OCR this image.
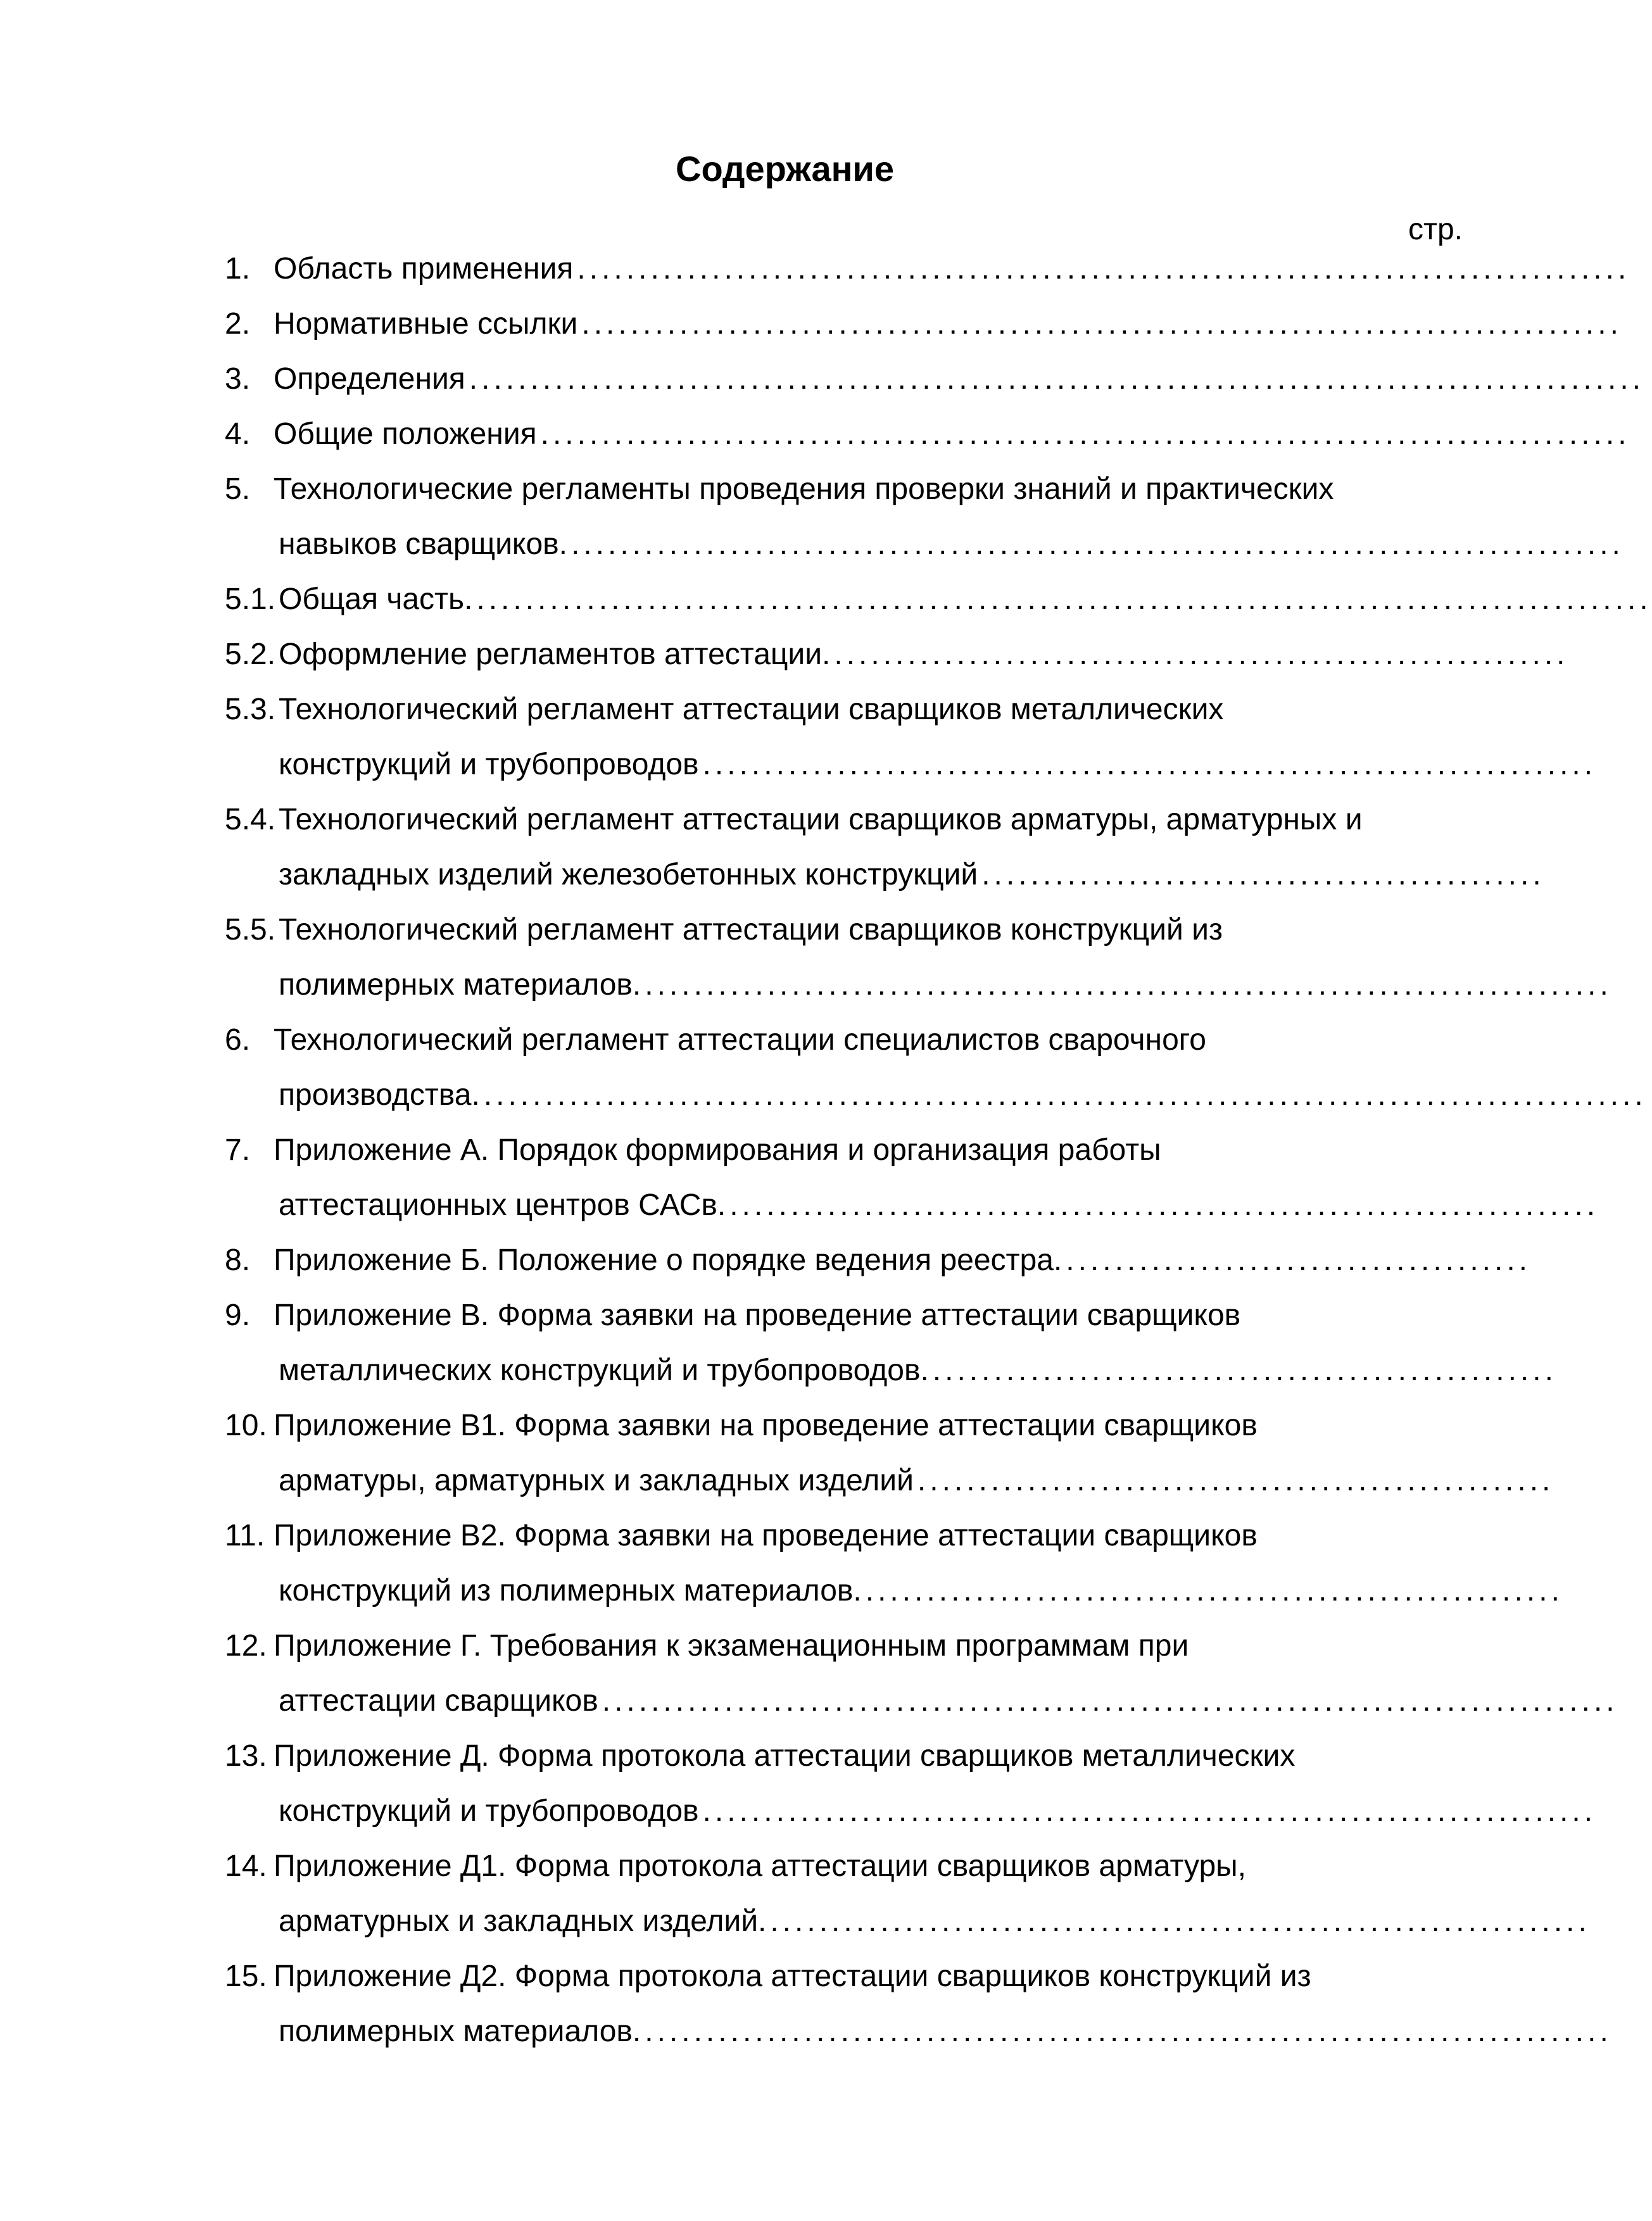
Содержание
стр.
1. Область применения ......................................................................................
2. Нормативные ссылки .....................................................................................
3. Определения ................................................................................................
4. Общие положения .........................................................................................
5. Технологические регламенты проведения проверки знаний и практических
навыков сварщиков. ......................................................................................
5.1. Общая часть. ................................................................................................
5.2. Оформление регламентов аттестации. ............................................................
5.3. Технологический регламент аттестации сварщиков металлических
конструкций и трубопроводов .........................................................................
5.4. Технологический регламент аттестации сварщиков арматуры, арматурных и
закладных изделий железобетонных конструкций ..............................................
5.5. Технологический регламент аттестации сварщиков конструкций из
полимерных материалов. ...............................................................................
6. Технологический регламент аттестации специалистов сварочного
производства. ...............................................................................................
7. Приложение А. Порядок формирования и организация работы
аттестационных центров САСв. .......................................................................
8. Приложение Б. Положение о порядке ведения реестра. ......................................
9. Приложение В. Форма заявки на проведение аттестации сварщиков
металлических конструкций и трубопроводов. ...................................................
10. Приложение В1. Форма заявки на проведение аттестации сварщиков
арматуры, арматурных и закладных изделий ....................................................
11. Приложение В2. Форма заявки на проведение аттестации сварщиков
конструкций из полимерных материалов. .........................................................
12. Приложение Г. Требования к экзаменационным программам при
аттестации сварщиков ...................................................................................
13. Приложение Д. Форма протокола аттестации сварщиков металлических
конструкций и трубопроводов .........................................................................
14. Приложение Д1. Форма протокола аттестации сварщиков арматуры,
арматурных и закладных изделий. ...................................................................
15. Приложение Д2. Форма протокола аттестации сварщиков конструкций из
полимерных материалов. ...............................................................................
